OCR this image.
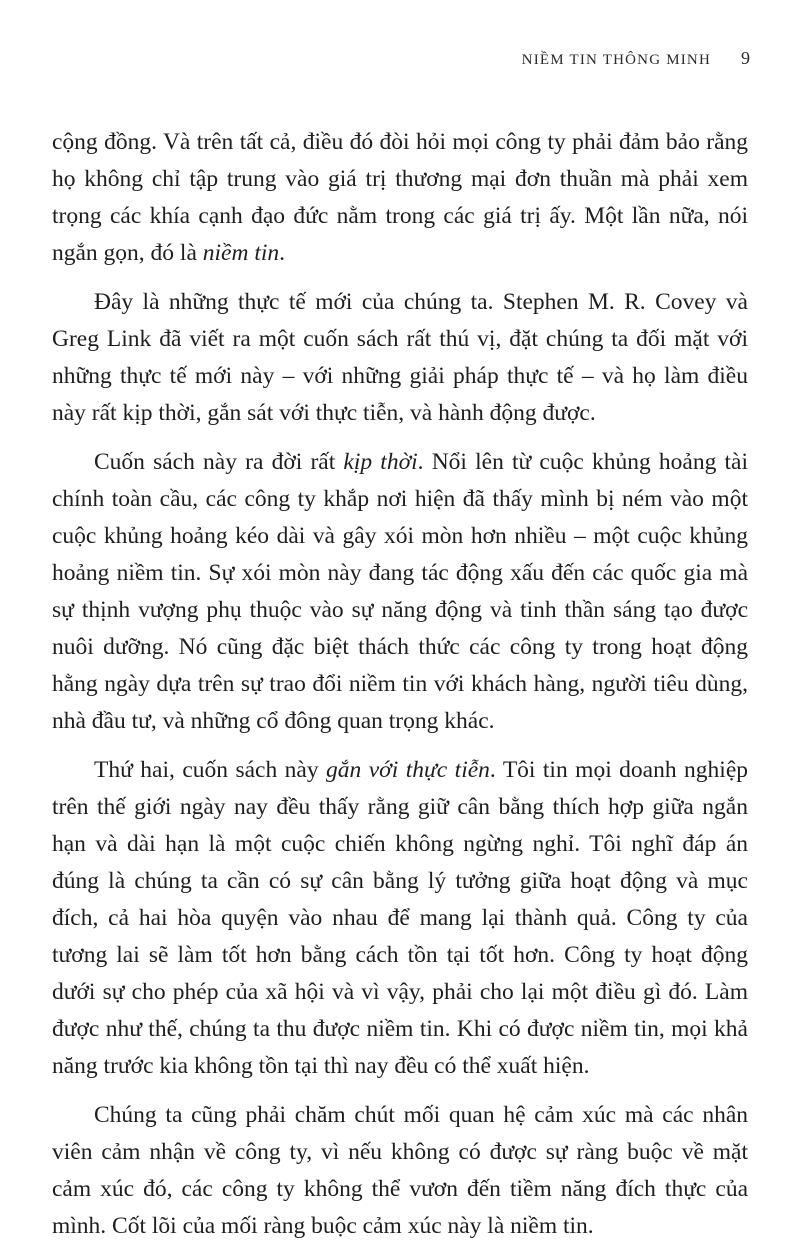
NIỀM TIN THÔNG MINH 9

cộng đồng. Và trên tất cả, điều đó đòi hỏi mọi công ty phải đảm bảo rằng họ không chỉ tập trung vào giá trị thương mại đơn thuần mà phải xem trọng các khía cạnh đạo đức nằm trong các giá trị ấy. Một lần nữa, nói ngắn gọn, đó là niềm tin.

Đây là những thực tế mới của chúng ta. Stephen M. R. Covey và Greg Link đã viết ra một cuốn sách rất thú vị, đặt chúng ta đối mặt với những thực tế mới này – với những giải pháp thực tế – và họ làm điều này rất kịp thời, gắn sát với thực tiễn, và hành động được.

Cuốn sách này ra đời rất kịp thời. Nổi lên từ cuộc khủng hoảng tài chính toàn cầu, các công ty khắp nơi hiện đã thấy mình bị ném vào một cuộc khủng hoảng kéo dài và gây xói mòn hơn nhiều – một cuộc khủng hoảng niềm tin. Sự xói mòn này đang tác động xấu đến các quốc gia mà sự thịnh vượng phụ thuộc vào sự năng động và tinh thần sáng tạo được nuôi dưỡng. Nó cũng đặc biệt thách thức các công ty trong hoạt động hằng ngày dựa trên sự trao đổi niềm tin với khách hàng, người tiêu dùng, nhà đầu tư, và những cổ đông quan trọng khác.

Thứ hai, cuốn sách này gắn với thực tiễn. Tôi tin mọi doanh nghiệp trên thế giới ngày nay đều thấy rằng giữ cân bằng thích hợp giữa ngắn hạn và dài hạn là một cuộc chiến không ngừng nghỉ. Tôi nghĩ đáp án đúng là chúng ta cần có sự cân bằng lý tưởng giữa hoạt động và mục đích, cả hai hòa quyện vào nhau để mang lại thành quả. Công ty của tương lai sẽ làm tốt hơn bằng cách tồn tại tốt hơn. Công ty hoạt động dưới sự cho phép của xã hội và vì vậy, phải cho lại một điều gì đó. Làm được như thế, chúng ta thu được niềm tin. Khi có được niềm tin, mọi khả năng trước kia không tồn tại thì nay đều có thể xuất hiện.

Chúng ta cũng phải chăm chút mối quan hệ cảm xúc mà các nhân viên cảm nhận về công ty, vì nếu không có được sự ràng buộc về mặt cảm xúc đó, các công ty không thể vươn đến tiềm năng đích thực của mình. Cốt lõi của mối ràng buộc cảm xúc này là niềm tin.
